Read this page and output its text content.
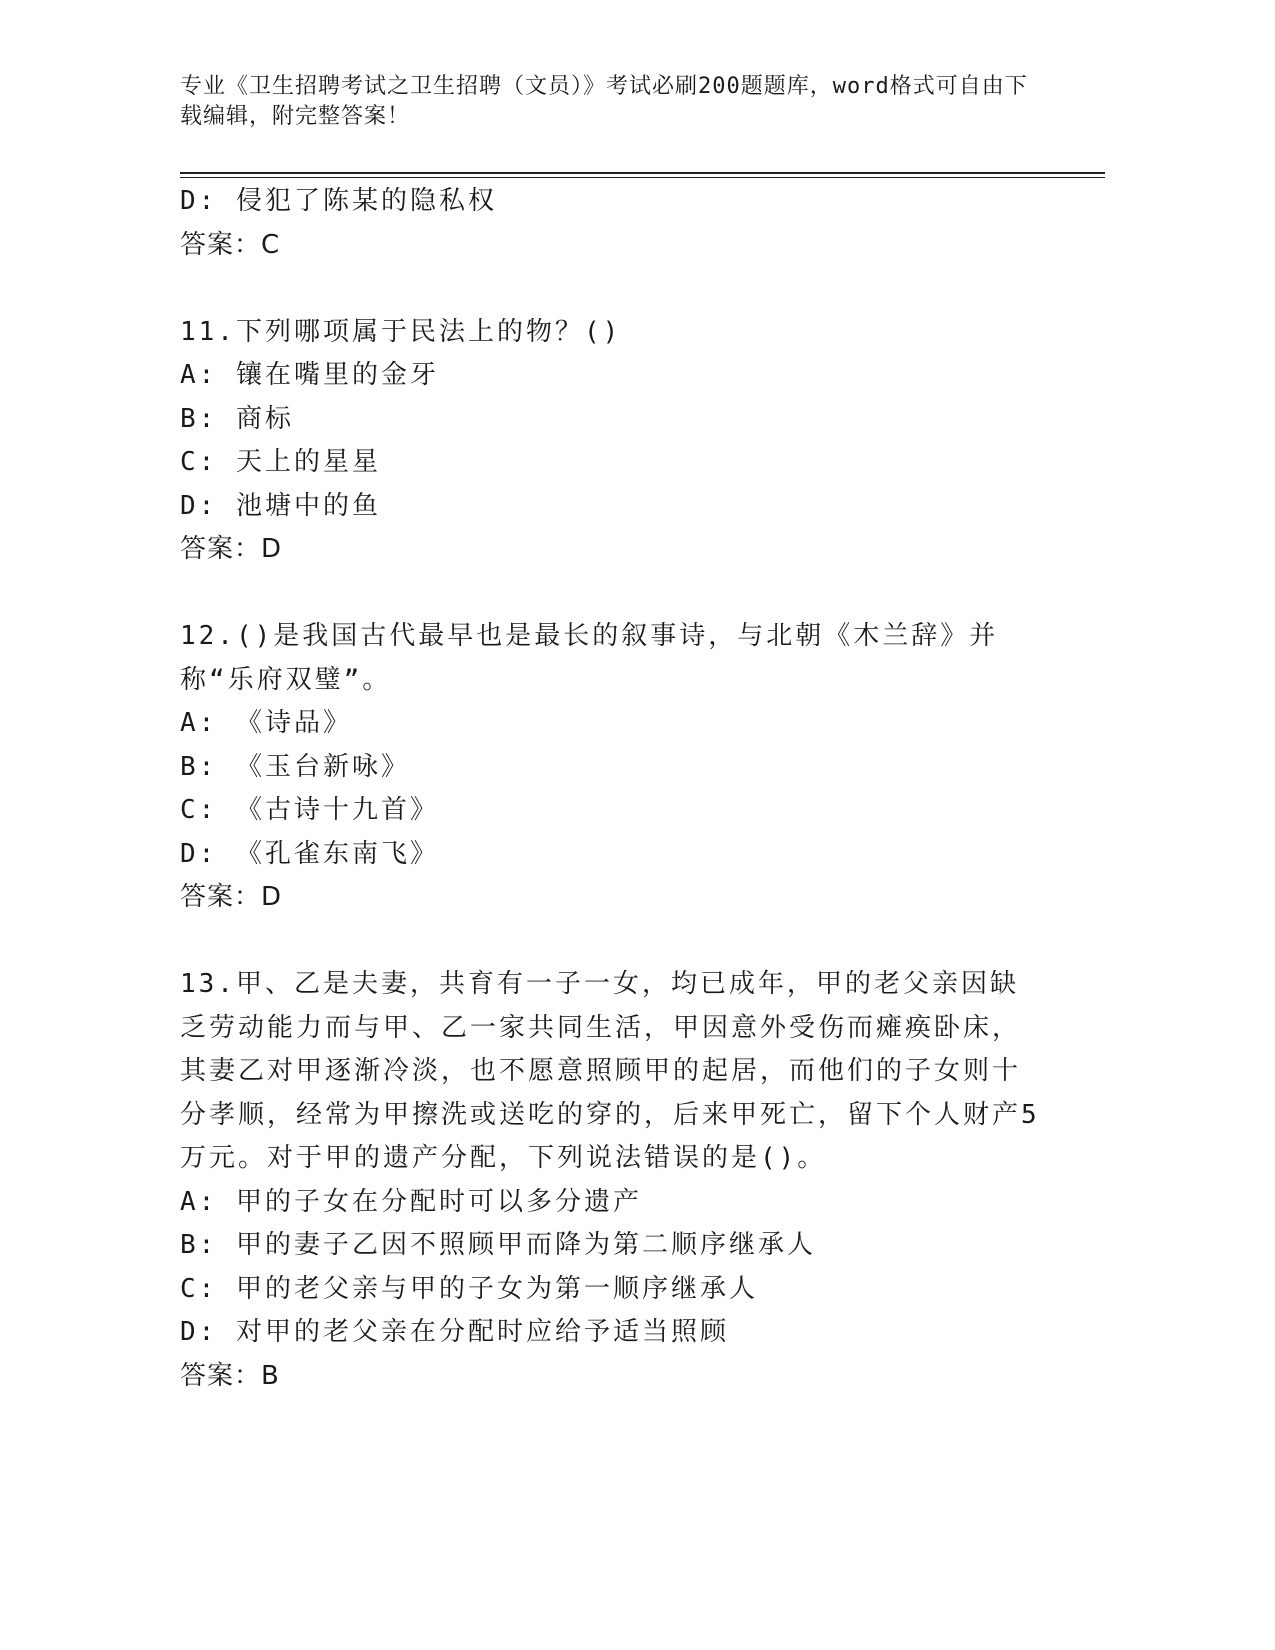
专业《卫生招聘考试之卫生招聘（文员）》考试必刷200题题库，word格式可自由下载编辑，附完整答案！
D: 侵犯了陈某的隐私权
答案：C
11.下列哪项属于民法上的物？()
A: 镶在嘴里的金牙
B: 商标
C: 天上的星星
D: 池塘中的鱼
答案：D
12.()是我国古代最早也是最长的叙事诗，与北朝《木兰辞》并称“乐府双璧”。
A: 《诗品》
B: 《玉台新咏》
C: 《古诗十九首》
D: 《孔雀东南飞》
答案：D
13.甲、乙是夫妻，共育有一子一女，均已成年，甲的老父亲因缺乏劳动能力而与甲、乙一家共同生活，甲因意外受伤而瘫痪卧床，其妻乙对甲逐渐冷淡，也不愿意照顾甲的起居，而他们的子女则十分孝顺，经常为甲擦洗或送吃的穿的，后来甲死亡，留下个人财产5万元。对于甲的遗产分配，下列说法错误的是()。
A: 甲的子女在分配时可以多分遗产
B: 甲的妻子乙因不照顾甲而降为第二顺序继承人
C: 甲的老父亲与甲的子女为第一顺序继承人
D: 对甲的老父亲在分配时应给予适当照顾
答案：B
